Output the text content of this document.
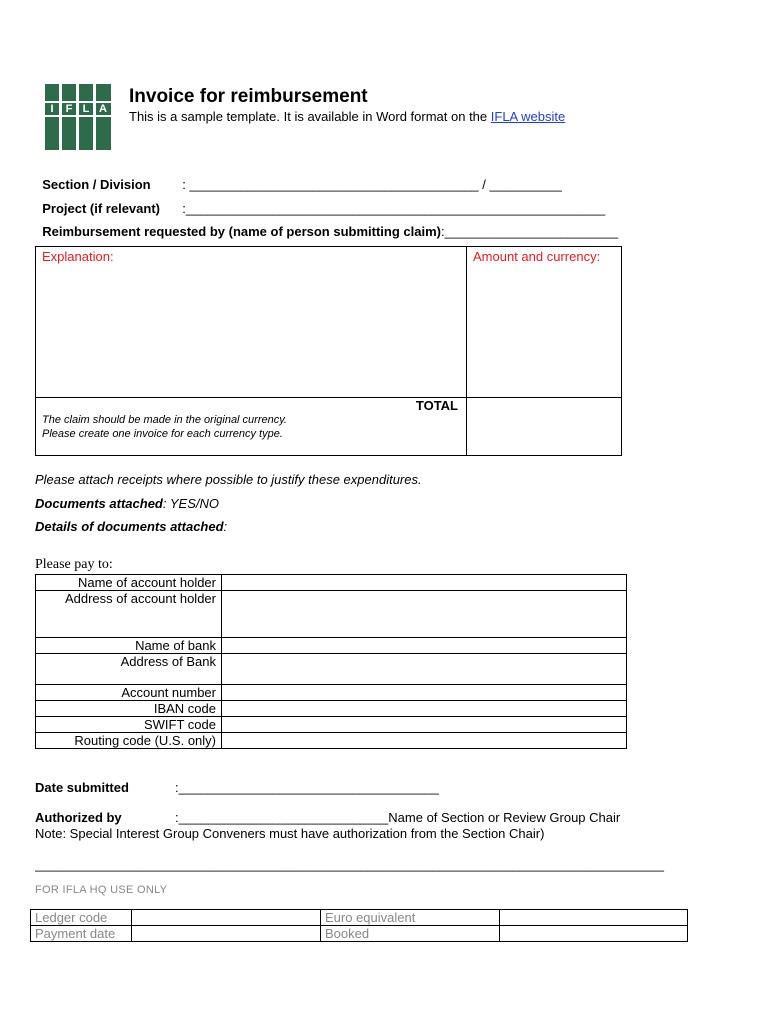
I	F L A
Invoice for reimbursement
This is a sample template. It is available in Word format on the IFLA website

Section / Division	: ________________________________________ / __________

Project (if relevant)	:__________________________________________________________

Reimbursement requested by (name of person submitting claim):________________________

Explanation:	Amount and currency:
TOTAL
The claim should be made in the original currency.
Please create one invoice for each currency type.
Please attach receipts where possible to justify these expenditures.
Documents attached: YES/NO
Details of documents attached:
Please pay to:
Name of account holder	
Address of account holder	
Name of bank	
Address of Bank	
Account number	
IBAN code	
SWIFT code	
Routing code (U.S. only)	
Date submitted	:____________________________________
Authorized by	:_____________________________Name of Section or Review Group Chair
Note: Special Interest Group Conveners must have authorization from the Section Chair)
_______________________________________________________________________________________
FOR IFLA HQ USE ONLY
Ledger code		Euro equivalent	
Payment date		Booked	
